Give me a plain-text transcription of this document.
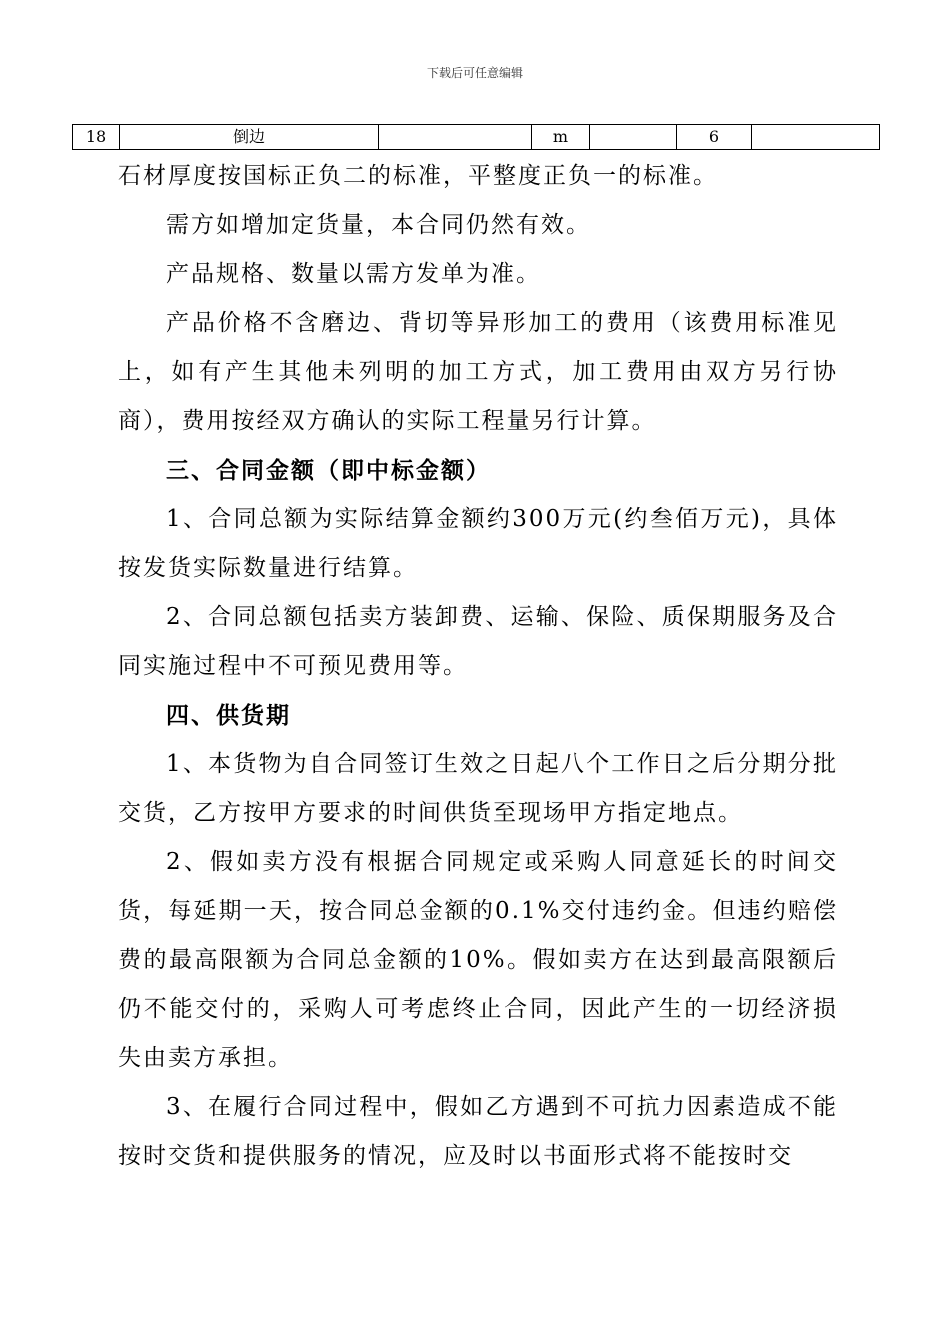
下载后可任意编辑
18	倒边		m		6	

石材厚度按国标正负二的标准，平整度正负一的标准。

需方如增加定货量，本合同仍然有效。

产品规格、数量以需方发单为准。

产品价格不含磨边、背切等异形加工的费用（该费用标准见上，如有产生其他未列明的加工方式，加工费用由双方另行协商），费用按经双方确认的实际工程量另行计算。

三、合同金额（即中标金额）

1、合同总额为实际结算金额约300万元(约叁佰万元)，具体按发货实际数量进行结算。

2、合同总额包括卖方装卸费、运输、保险、质保期服务及合同实施过程中不可预见费用等。

四、供货期

1、本货物为自合同签订生效之日起八个工作日之后分期分批交货，乙方按甲方要求的时间供货至现场甲方指定地点。

2、假如卖方没有根据合同规定或采购人同意延长的时间交货，每延期一天，按合同总金额的0.1%交付违约金。但违约赔偿费的最高限额为合同总金额的10%。假如卖方在达到最高限额后仍不能交付的，采购人可考虑终止合同，因此产生的一切经济损失由卖方承担。

3、在履行合同过程中，假如乙方遇到不可抗力因素造成不能按时交货和提供服务的情况，应及时以书面形式将不能按时交
